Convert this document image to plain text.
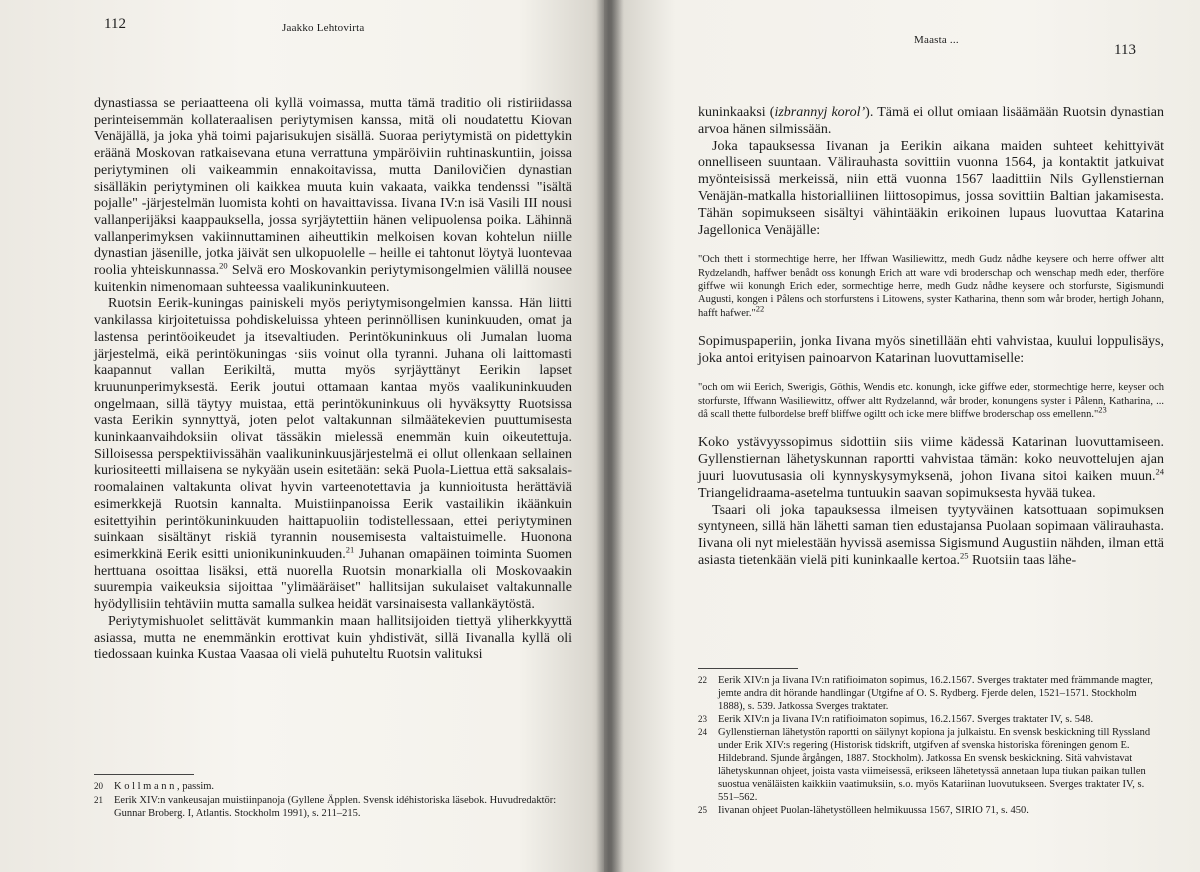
112	Jaakko Lehtovirta

dynastiassa se periaatteena oli kyllä voimassa, mutta tämä traditio oli ristiriidassa perinteisemmän kollateraalisen periytymisen kanssa, mitä oli noudatettu Kiovan Venäjällä, ja joka yhä toimi pajarisukujen sisällä. Suoraa periytymistä on pidettykin eräänä Moskovan ratkaisevana etuna verrattuna ympäröiviin ruhtinaskuntiin, joissa periytyminen oli vaikeammin ennakoitavissa, mutta Danilovičien dynastian sisälläkin periytyminen oli kaikkea muuta kuin vakaata, vaikka tendenssi "isältä pojalle" -järjestelmän luomista kohti on havaittavissa. Iivana IV:n isä Vasili III nousi vallanperijäksi kaappauksella, jossa syrjäytettiin hänen velipuolensa poika. Lähinnä vallanperimyksen vakiinnuttaminen aiheuttikin melkoisen kovan kohtelun niille dynastian jäsenille, jotka jäivät sen ulkopuolelle – heille ei tahtonut löytyä luontevaa roolia yhteiskunnassa.$^{20}$ Selvä ero Moskovankin periytymisongelmien välillä nousee kuitenkin nimenomaan suhteessa vaalikuninkuuteen.

Ruotsin Eerik-kuningas painiskeli myös periytymisongelmien kanssa. Hän liitti vankilassa kirjoitetuissa pohdiskeluissa yhteen perinnöllisen kuninkuuden, omat ja lastensa perintöoikeudet ja itsevaltiuden. Perintökuninkuus oli Jumalan luoma järjestelmä, eikä perintökuningas ·siis voinut olla tyranni. Juhana oli laittomasti kaapannut vallan Eerikiltä, mutta myös syrjäyttänyt Eerikin lapset kruununperimyksestä. Eerik joutui ottamaan kantaa myös vaalikuninkuuden ongelmaan, sillä täytyy muistaa, että perintökuninkuus oli hyväksytty Ruotsissa vasta Eerikin synnyttyä, joten pelot valtakunnan silmäätekevien puuttumisesta kuninkaanvaihdoksiin olivat tässäkin mielessä enemmän kuin oikeutettuja. Silloisessa perspektiivissähän vaalikuninkuusjärjestelmä ei ollut ollenkaan sellainen kuriositeetti millaisena se nykyään usein esitetään: sekä Puola-Liettua että saksalais-roomalainen valtakunta olivat hyvin varteenotettavia ja kunnioitusta herättäviä esimerkkejä Ruotsin kannalta. Muistiinpanoissa Eerik vastailikin ikäänkuin esitettyihin perintökuninkuuden haittapuoliin todistellessaan, ettei periytyminen suinkaan sisältänyt riskiä tyrannin nousemisesta valtaistuimelle. Huonona esimerkkinä Eerik esitti unionikuninkuuden.$^{21}$ Juhanan omapäinen toiminta Suomen herttuana osoittaa lisäksi, että nuorella Ruotsin monarkialla oli Moskovaakin suurempia vaikeuksia sijoittaa "ylimääräiset" hallitsijan sukulaiset valtakunnalle hyödyllisiin tehtäviin mutta samalla sulkea heidät varsinaisesta vallankäytöstä.

Periytymishuolet selittävät kummankin maan hallitsijoiden tiettyä yliherkkyyttä asiassa, mutta ne enemmänkin erottivat kuin yhdistivät, sillä Iivanalla kyllä oli tiedossaan kuinka Kustaa Vaasaa oli vielä puhuteltu Ruotsin valituksi

20	K o l l m a n n , passim.
21	Eerik XIV:n vankeusajan muistiinpanoja (Gyllene Äpplen. Svensk idéhistoriska läsebok. Huvudredaktör: Gunnar Broberg. I, Atlantis. Stockholm 1991), s. 211–215.
Maasta ...
113

kuninkaaksi (izbrannyj korol’). Tämä ei ollut omiaan lisäämään Ruotsin dynastian arvoa hänen silmissään.

Joka tapauksessa Iivanan ja Eerikin aikana maiden suhteet kehittyivät onnelliseen suuntaan. Välirauhasta sovittiin vuonna 1564, ja kontaktit jatkuivat myönteisissä merkeissä, niin että vuonna 1567 laadittiin Nils Gyllenstiernan Venäjän-matkalla historialliinen liittosopimus, jossa sovittiin Baltian jakamisesta. Tähän sopimukseen sisältyi vähintääkin erikoinen lupaus luovuttaa Katarina Jagellonica Venäjälle:

"Och thett i stormechtige herre, her Iffwan Wasiliewittz, medh Gudz nådhe keysere och herre offwer altt Rydzelandh, haffwer benådt oss konungh Erich att ware vdi broderschap och wenschap medh eder, therföre giffwe wii konungh Erich eder, sormechtige herre, medh Gudz nådhe keysere och storfurste, Sigismundi Augusti, kongen i Pålens och storfurstens i Litowens, syster Katharina, thenn som wår broder, hertigh Johann, hafft hafwer."$^{22}$

Sopimuspaperiin, jonka Iivana myös sinetillään ehti vahvistaa, kuului loppulisäys, joka antoi erityisen painoarvon Katarinan luovuttamiselle:

"och om wii Eerich, Swerigis, Göthis, Wendis etc. konungh, icke giffwe eder, stormechtige herre, keyser och storfurste, Iffwann Wasiliewittz, offwer altt Rydzelannd, wår broder, konungens syster i Pålenn, Katharina, ... då scall thette fulbordelse breff bliffwe ogiltt och icke mere bliffwe broderschap oss emellenn."$^{23}$

Koko ystävyyssopimus sidottiin siis viime kädessä Katarinan luovuttamiseen. Gyllenstiernan lähetyskunnan raportti vahvistaa tämän: koko neuvottelujen ajan juuri luovutusasia oli kynnyskysymyksenä, johon Iivana sitoi kaiken muun.$^{24}$ Triangelidraama-asetelma tuntuukin saavan sopimuksesta hyvää tukea.

Tsaari oli joka tapauksessa ilmeisen tyytyväinen katsottuaan sopimuksen syntyneen, sillä hän lähetti saman tien edustajansa Puolaan sopimaan välirauhasta. Iivana oli nyt mielestään hyvissä asemissa Sigismund Augustiin nähden, ilman että asiasta tietenkään vielä piti kuninkaalle kertoa.$^{25}$ Ruotsiin taas lähe-

22	Eerik XIV:n ja Iivana IV:n ratifioimaton sopimus, 16.2.1567. Sverges traktater med främmande magter, jemte andra dit hörande handlingar (Utgifne af O. S. Rydberg. Fjerde delen, 1521–1571. Stockholm 1888), s. 539. Jatkossa Sverges traktater.
23	Eerik XIV:n ja Iivana IV:n ratifioimaton sopimus, 16.2.1567. Sverges traktater IV, s. 548.
24	Gyllenstiernan lähetystön raportti on säilynyt kopiona ja julkaistu. En svensk beskickning till Ryssland under Erik XIV:s regering (Historisk tidskrift, utgifven af svenska historiska föreningen genom E. Hildebrand. Sjunde årgången, 1887. Stockholm). Jatkossa En svensk beskickning. Sitä vahvistavat lähetyskunnan ohjeet, joista vasta viimeisessä, erikseen lähetetyssä annetaan lupa tiukan paikan tullen suostua venäläisten kaikkiin vaatimuksiin, s.o. myös Katariinan luovutukseen. Sverges traktater IV, s. 551–562.
25	Iivanan ohjeet Puolan-lähetystölleen helmikuussa 1567, SIRIO 71, s. 450.
